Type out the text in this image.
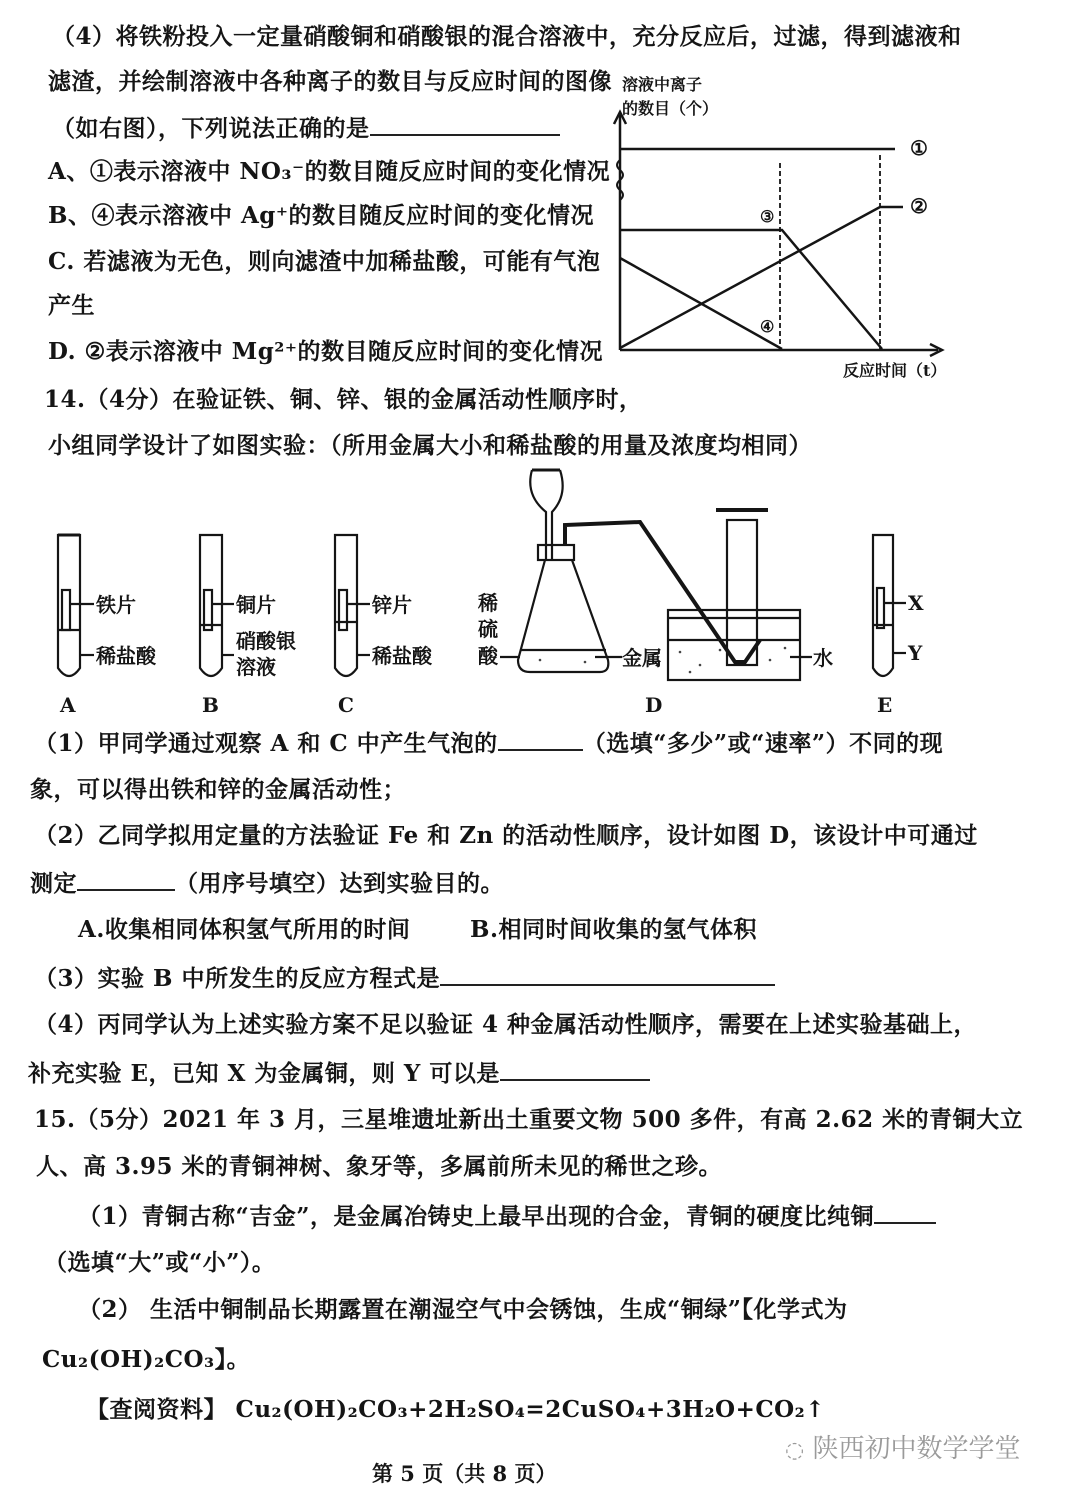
（4）将铁粉投入一定量硝酸铜和硝酸银的混合溶液中，充分反应后，过滤，得到滤液和
滤渣，并绘制溶液中各种离子的数目与反应时间的图像
（如右图），下列说法正确的是
A、①表示溶液中 NO₃⁻的数目随反应时间的变化情况
B、④表示溶液中 Ag⁺的数目随反应时间的变化情况
C. 若滤液为无色，则向滤渣中加稀盐酸，可能有气泡
产生
D. ②表示溶液中 Mg²⁺的数目随反应时间的变化情况
溶液中离子
的数目（个）
反应时间（t）
①
②
③
④
14.（4分）在验证铁、铜、锌、银的金属活动性顺序时，
小组同学设计了如图实验：（所用金属大小和稀盐酸的用量及浓度均相同）
铁片
稀盐酸
A
铜片
硝酸银
溶液
B
锌片
稀盐酸
C
稀
硫
酸	金属	水
D
X
Y
E
（1）甲同学通过观察 A 和 C 中产生气泡的	（选填“多少”或“速率”）不同的现
象，可以得出铁和锌的金属活动性；
（2）乙同学拟用定量的方法验证 Fe 和 Zn 的活动性顺序，设计如图 D，该设计中可通过
测定	（用序号填空）达到实验目的。
A.收集相同体积氢气所用的时间	B.相同时间收集的氢气体积
（3）实验 B 中所发生的反应方程式是
（4）丙同学认为上述实验方案不足以验证 4 种金属活动性顺序，需要在上述实验基础上，
补充实验 E，已知 X 为金属铜，则 Y 可以是
15.（5分）2021 年 3 月，三星堆遗址新出土重要文物 500 多件，有高 2.62 米的青铜大立
人、高 3.95 米的青铜神树、象牙等，多属前所未见的稀世之珍。
（1）青铜古称“吉金”，是金属冶铸史上最早出现的合金，青铜的硬度比纯铜
（选填“大”或“小”）。
（2） 生活中铜制品长期露置在潮湿空气中会锈蚀，生成“铜绿”【化学式为
Cu₂(OH)₂CO₃】。
【查阅资料】 Cu₂(OH)₂CO₃+2H₂SO₄=2CuSO₄+3H₂O+CO₂↑
◌ 陕西初中数学学堂
第 5 页（共 8 页）
